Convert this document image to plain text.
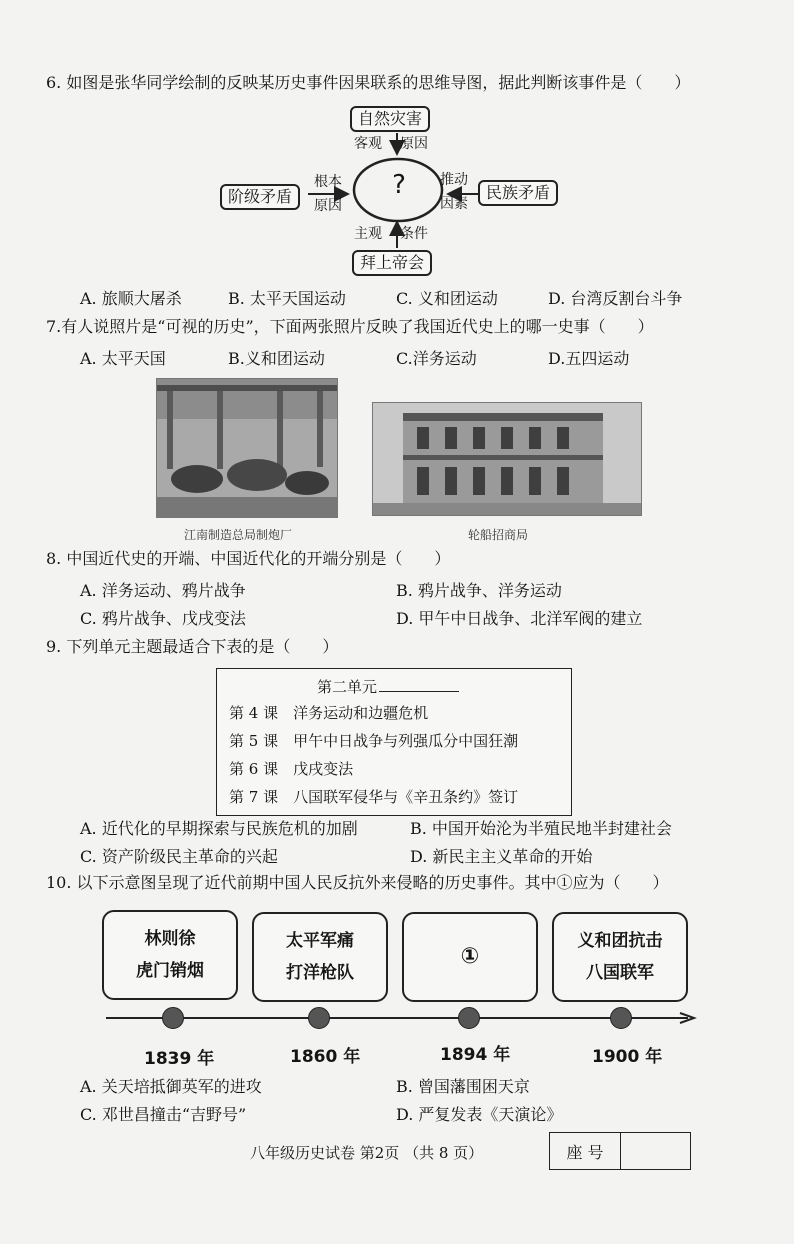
6. 如图是张华同学绘制的反映某历史事件因果联系的思维导图，据此判断该事件是（　　）
自然灾害
客观 原因
?
阶级矛盾
根本
原因
民族矛盾
推动
因素
主观 条件
拜上帝会
A. 旅顺大屠杀	B. 太平天国运动	C. 义和团运动	D. 台湾反割台斗争
7.有人说照片是“可视的历史”，下面两张照片反映了我国近代史上的哪一史事（　　）
A. 太平天国	B.义和团运动	C.洋务运动	D.五四运动
江南制造总局制炮厂	轮船招商局
8. 中国近代史的开端、中国近代化的开端分别是（　　）
A. 洋务运动、鸦片战争	B. 鸦片战争、洋务运动
C. 鸦片战争、戊戌变法	D. 甲午中日战争、北洋军阀的建立
9. 下列单元主题最适合下表的是（　　）
第二单元
第 4 课　洋务运动和边疆危机
第 5 课　甲午中日战争与列强瓜分中国狂潮
第 6 课　戊戌变法
第 7 课　八国联军侵华与《辛丑条约》签订
A. 近代化的早期探索与民族危机的加剧	B. 中国开始沦为半殖民地半封建社会
C. 资产阶级民主革命的兴起	D. 新民主主义革命的开始
10. 以下示意图呈现了近代前期中国人民反抗外来侵略的历史事件。其中①应为（　　）
林则徐
虎门销烟
太平军痛
打洋枪队
①
义和团抗击
八国联军
1839 年	1860 年	1894 年	1900 年
A. 关天培抵御英军的进攻	B. 曾国藩围困天京
C. 邓世昌撞击“吉野号”	D. 严复发表《天演论》
八年级历史试卷 第2页 （共 8 页）	座 号
